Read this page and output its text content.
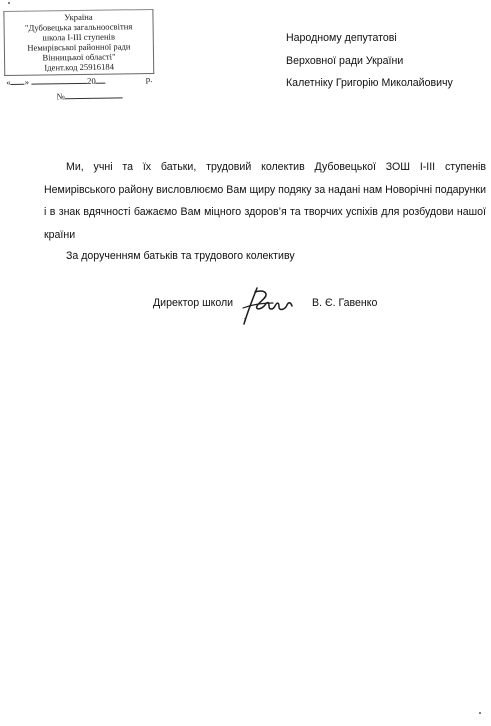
Україна
"Дубовецька загальноосвітня
школа І-ІІІ ступенів
Немирівської районної ради
Вінницької області"
Ідент.код 25916184
« »	20	р.
№
Народному депутатові
Верховної ради України
Калетніку Григорію Миколайовичу
Ми, учні та їх батьки, трудовий колектив Дубовецької ЗОШ І-ІІІ ступенів Немирівського району висловлюємо Вам щиру подяку за надані нам Новорічні подарунки і в знак вдячності бажаємо Вам міцного здоров’я та творчих успіхів для розбудови нашої країни
За дорученням батьків та трудового колективу
Директор школи	В. Є. Гавенко
